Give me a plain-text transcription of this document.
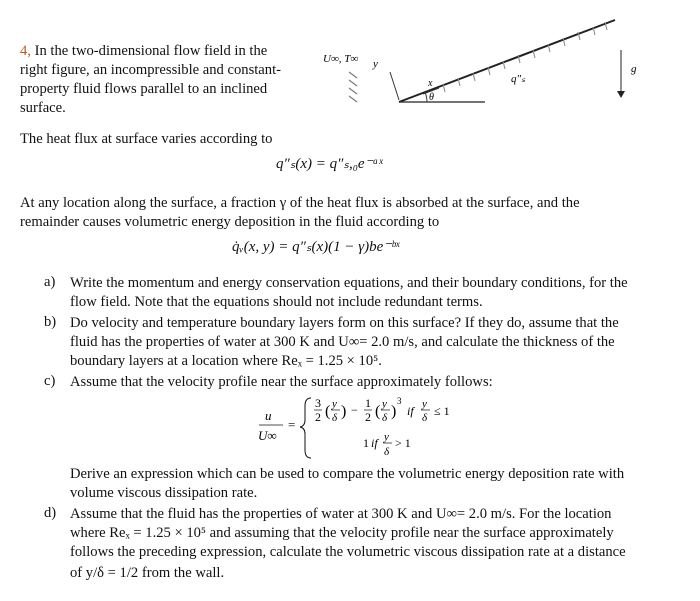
4, In the two-dimensional flow field in the
right figure, an incompressible and constant-
property fluid flows parallel to an inclined
surface.
U∞, T∞ y
x
θ
q″ₛ
g
The heat flux at surface varies according to
q″ₛ(x) = q″ₛ,₀e⁻ᵃˣ
At any location along the surface, a fraction γ of the heat flux is absorbed at the surface, and the
remainder causes volumetric energy deposition in the fluid according to
q̇ᵥ(x, y) = q″ₛ(x)(1 − γ)be⁻ᵇˣ
a) Write the momentum and energy conservation equations, and their boundary conditions, for the
flow field. Note that the equations should not include redundant terms.
b) Do velocity and temperature boundary layers form on this surface? If they do, assume that the
fluid has the properties of water at 300 K and U∞= 2.0 m/s, and calculate the thickness of the
boundary layers at a location where Reₓ = 1.25 × 10⁵.
c) Assume that the velocity profile near the surface approximately follows:
u
U∞
=
3
2 ( y
δ ) − 1
2 ( y
δ )
3
if y
δ ≤ 1
1 if y
δ
> 1
Derive an expression which can be used to compare the volumetric energy deposition rate with
volume viscous dissipation rate.
d) Assume that the fluid has the properties of water at 300 K and U∞= 2.0 m/s. For the location
where Reₓ = 1.25 × 10⁵ and assuming that the velocity profile near the surface approximately
follows the preceding expression, calculate the volumetric viscous dissipation rate at a distance
of y/δ = 1/2 from the wall.
